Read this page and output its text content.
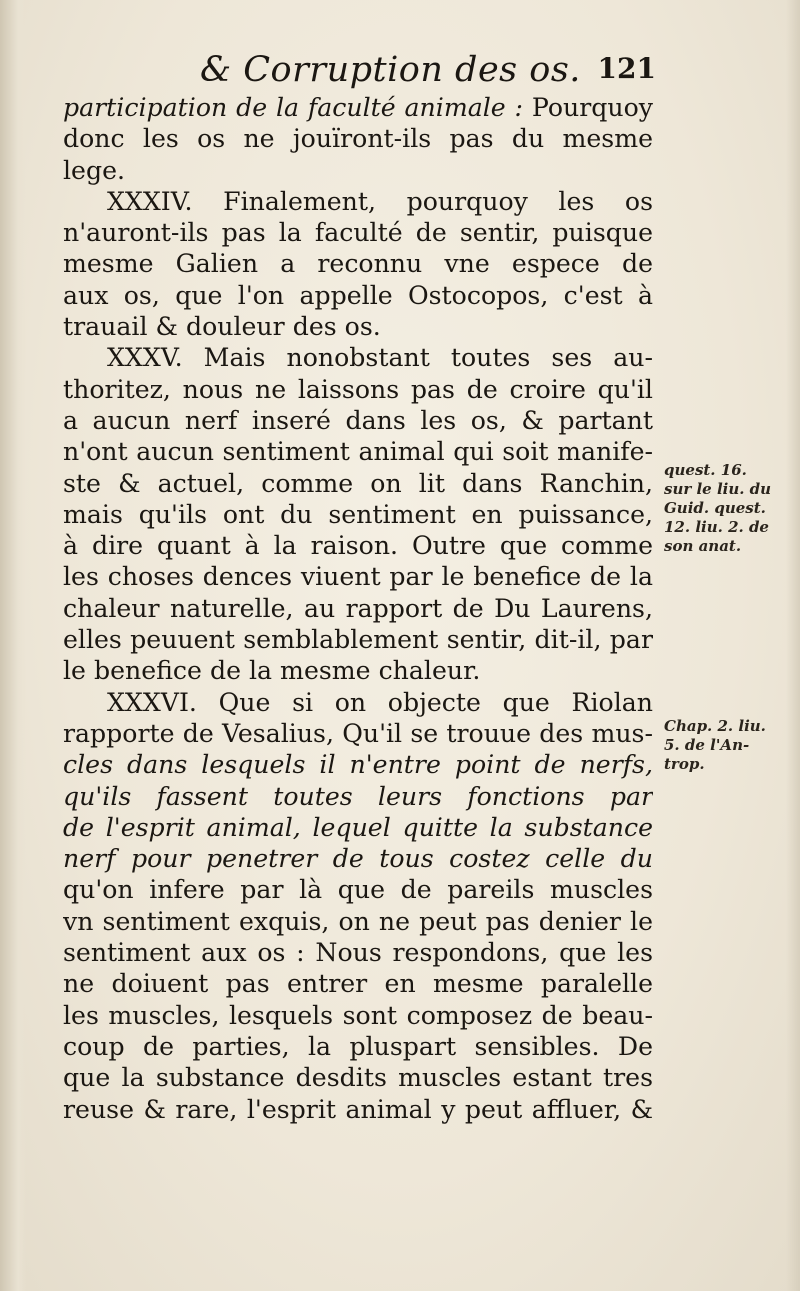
& Corruption des os. 121
participation de la faculté animale : Pourquoy
donc les os ne jouïront-ils pas du mesme
lege.
XXXIV. Finalement, pourquoy les os
n'auront-ils pas la faculté de sentir, puisque
mesme Galien a reconnu vne espece de
aux os, que l'on appelle Ostocopos, c'est à
trauail & douleur des os.
XXXV. Mais nonobstant toutes ses au-
thoritez, nous ne laissons pas de croire qu'il
a aucun nerf inseré dans les os, & partant
n'ont aucun sentiment animal qui soit manife-
ste & actuel, comme on lit dans Ranchin,
mais qu'ils ont du sentiment en puissance,
à dire quant à la raison. Outre que comme
les choses dences viuent par le benefice de la
chaleur naturelle, au rapport de Du Laurens,
elles peuuent semblablement sentir, dit-il, par
le benefice de la mesme chaleur.
XXXVI. Que si on objecte que Riolan
rapporte de Vesalius, Qu'il se trouue des mus-
cles dans lesquels il n'entre point de nerfs,
qu'ils fassent toutes leurs fonctions par
de l'esprit animal, lequel quitte la substance
nerf pour penetrer de tous costez celle du
qu'on infere par là que de pareils muscles
vn sentiment exquis, on ne peut pas denier le
sentiment aux os : Nous respondons, que les
ne doiuent pas entrer en mesme paralelle
les muscles, lesquels sont composez de beau-
coup de parties, la pluspart sensibles. De
que la substance desdits muscles estant tres
reuse & rare, l'esprit animal y peut affluer, &
quest. 16.
sur le liu. du
Guid. quest.
12. liu. 2. de
son anat.
Chap. 2. liu.
5. de l'An-
trop.
